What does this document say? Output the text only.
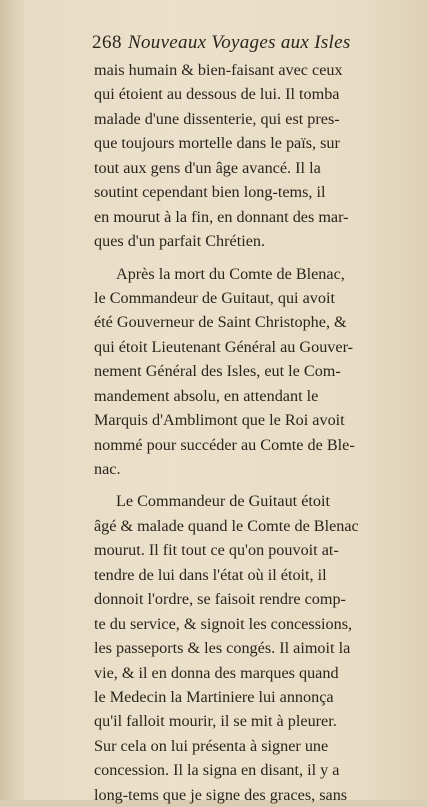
268 Nouveaux Voyages aux Isles
mais humain & bien-faisant avec ceux
qui étoient au dessous de lui. Il tomba
malade d'une dissenterie, qui est pres-
que toujours mortelle dans le païs, sur
tout aux gens d'un âge avancé. Il la
soutint cependant bien long-tems, il
en mourut à la fin, en donnant des mar-
ques d'un parfait Chrétien.
Après la mort du Comte de Blenac,
le Commandeur de Guitaut, qui avoit
été Gouverneur de Saint Christophe, &
qui étoit Lieutenant Général au Gouver-
nement Général des Isles, eut le Com-
mandement absolu, en attendant le
Marquis d'Amblimont que le Roi avoit
nommé pour succéder au Comte de Ble-
nac.
Le Commandeur de Guitaut étoit
âgé & malade quand le Comte de Blenac
mourut. Il fit tout ce qu'on pouvoit at-
tendre de lui dans l'état où il étoit, il
donnoit l'ordre, se faisoit rendre comp-
te du service, & signoit les concessions,
les passeports & les congés. Il aimoit la
vie, & il en donna des marques quand
le Medecin la Martiniere lui annonça
qu'il falloit mourir, il se mit à pleurer.
Sur cela on lui présenta à signer une
concession. Il la signa en disant, il y a
long-tems que je signe des graces, sans
